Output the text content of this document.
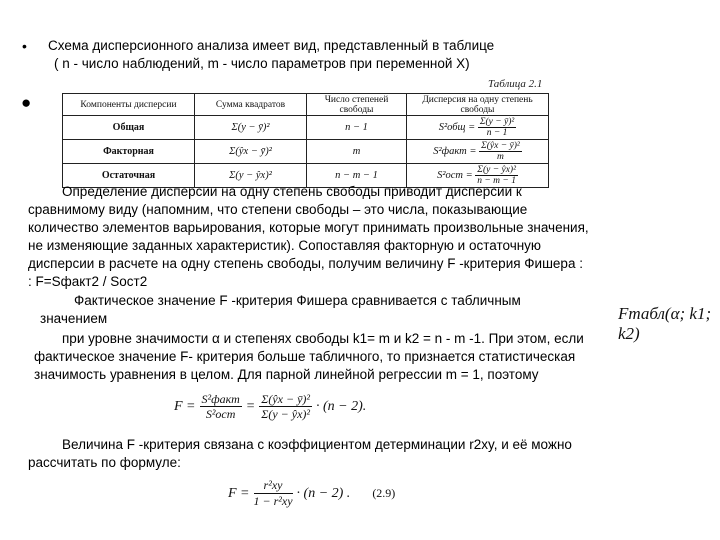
•
●
Схема дисперсионного анализа имеет вид, представленный в таблице
( n - число наблюдений, m - число параметров при переменной Х)
Таблица 2.1
Компоненты дисперсии	Сумма квадратов	Число степеней свободы	Дисперсия на одну степень свободы
Общая	Σ(y − ȳ)²	n − 1	$S^2общ = \frac{\text{Σ(y − ȳ)²}}{n - 1}$

Факторная	Σ(ŷx − ȳ)²	m	S²факт = $\frac{\text{Σ(ŷx − ȳ)²}}{m}$

Остаточная	Σ(y − ŷx)²	n − m − 1	$S^2ост = \frac{\text{Σ(y − ŷx)²}}{n - m - 1}$
Определение дисперсии на одну степень свободы приводит дисперсии к
сравнимому виду (напомним, что степени свободы – это числа, показывающие
количество элементов варьирования, которые могут принимать произвольные значения,
не изменяющие заданных характеристик). Сопоставляя факторную и остаточную
дисперсии в расчете на одну степень свободы, получим величину F -критерия Фишера :
: F=Sфакт2 / Sост2
Фактическое значение F -критерия Фишера сравнивается с табличным
значением
при уровне значимости α и степенях свободы k1= m и k2 = n - m -1. При этом, если
фактическое значение F- критерия больше табличного, то признается статистическая
значимость уравнения в целом. Для парной линейной регрессии m = 1, поэтому
Fтабл(α; k1; k2)
$F = \frac{\text{S²факт}}{\text{S²ост}} = \frac{\text{Σ(ŷx − ȳ)²}}{\text{Σ(y − ŷx)²}} \cdot (n - 2)$.
Величина F -критерия связана с коэффициентом детерминации r2xy, и её можно
рассчитать по формуле:
$F = \frac{\text{r²xy}}{\text{1 − r²xy}} \cdot (n - 2)$ . (2.9)
